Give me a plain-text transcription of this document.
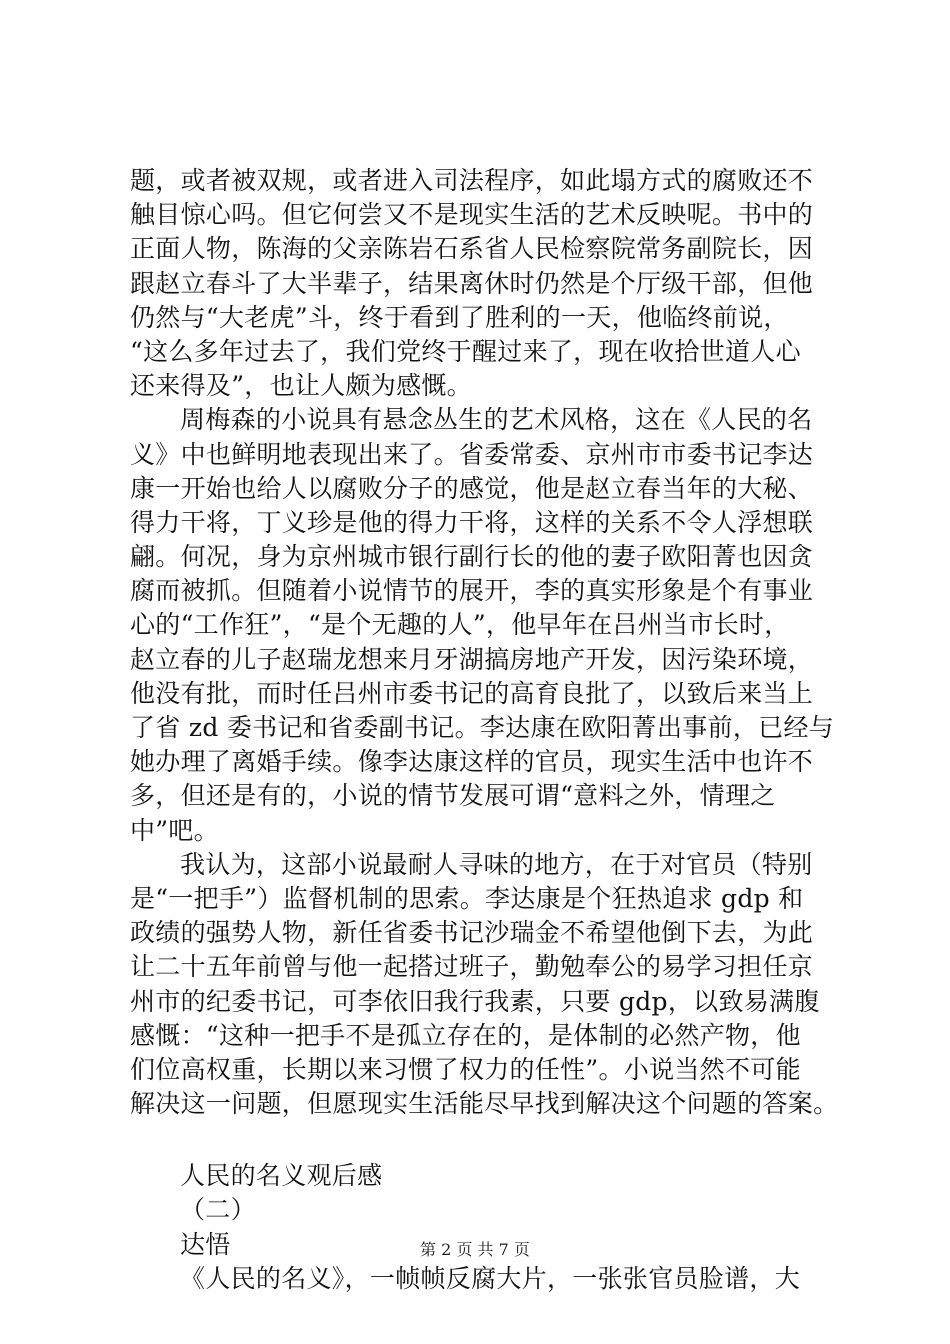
题，或者被双规，或者进入司法程序，如此塌方式的腐败还不
触目惊心吗。但它何尝又不是现实生活的艺术反映呢。书中的
正面人物，陈海的父亲陈岩石系省人民检察院常务副院长，因
跟赵立春斗了大半辈子，结果离休时仍然是个厅级干部，但他
仍然与“大老虎”斗，终于看到了胜利的一天，他临终前说，
“这么多年过去了，我们党终于醒过来了，现在收拾世道人心
还来得及”，也让人颇为感慨。
周梅森的小说具有悬念丛生的艺术风格，这在《人民的名
义》中也鲜明地表现出来了。省委常委、京州市市委书记李达
康一开始也给人以腐败分子的感觉，他是赵立春当年的大秘、
得力干将，丁义珍是他的得力干将，这样的关系不令人浮想联
翩。何况，身为京州城市银行副行长的他的妻子欧阳菁也因贪
腐而被抓。但随着小说情节的展开，李的真实形象是个有事业
心的“工作狂”，“是个无趣的人”，他早年在吕州当市长时，
赵立春的儿子赵瑞龙想来月牙湖搞房地产开发，因污染环境，
他没有批，而时任吕州市委书记的高育良批了，以致后来当上
了省 zd 委书记和省委副书记。李达康在欧阳菁出事前，已经与
她办理了离婚手续。像李达康这样的官员，现实生活中也许不
多，但还是有的，小说的情节发展可谓“意料之外，情理之
中”吧。
我认为，这部小说最耐人寻味的地方，在于对官员（特别
是“一把手”）监督机制的思索。李达康是个狂热追求 gdp 和
政绩的强势人物，新任省委书记沙瑞金不希望他倒下去，为此
让二十五年前曾与他一起搭过班子，勤勉奉公的易学习担任京
州市的纪委书记，可李依旧我行我素，只要 gdp，以致易满腹
感慨：“这种一把手不是孤立存在的，是体制的必然产物，他
们位高权重，长期以来习惯了权力的任性”。小说当然不可能
解决这一问题，但愿现实生活能尽早找到解决这个问题的答案。
人民的名义观后感
（二）
达悟
《人民的名义》，一帧帧反腐大片，一张张官员脸谱，大
第 2 页 共 7 页
